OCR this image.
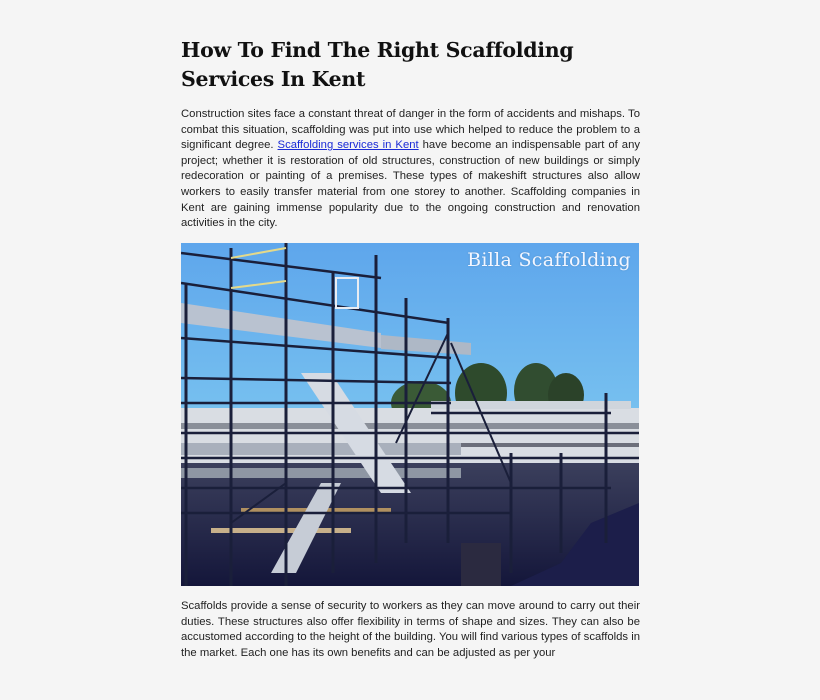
How To Find The Right Scaffolding
Services In Kent

Construction sites face a constant threat of danger in the form of accidents and mishaps. To combat this situation, scaffolding was put into use which helped to reduce the problem to a significant degree. Scaffolding services in Kent have become an indispensable part of any project; whether it is restoration of old structures, construction of new buildings or simply redecoration or painting of a premises. These types of makeshift structures also allow workers to easily transfer material from one storey to another. Scaffolding companies in Kent are gaining immense popularity due to the ongoing construction and renovation activities in the city.

Billa Scaffolding

Scaffolds provide a sense of security to workers as they can move around to carry out their duties. These structures also offer flexibility in terms of shape and sizes. They can also be accustomed according to the height of the building. You will find various types of scaffolds in the market. Each one has its own benefits and can be adjusted as per your
